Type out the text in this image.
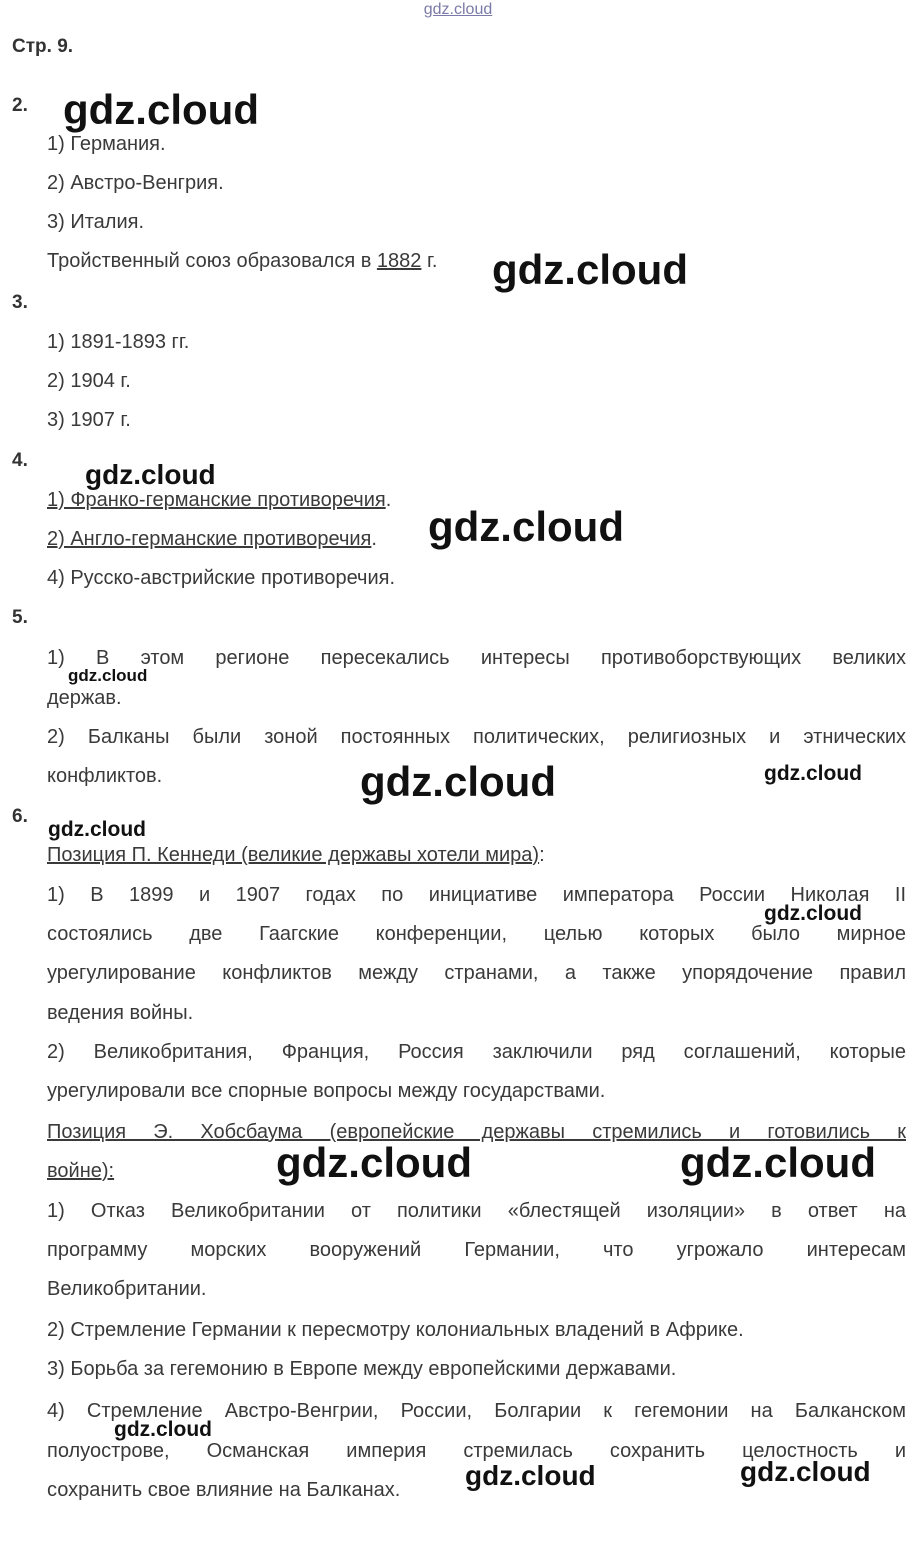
gdz.cloud
Стр. 9.
2.
1) Германия.
2) Австро-Венгрия.
3) Италия.
Тройственный союз образовался в 1882 г.
3.
1) 1891-1893 гг.
2) 1904 г.
3) 1907 г.
4.
1) Франко-германские противоречия.
2) Англо-германские противоречия.
4) Русско-австрийские противоречия.
5.
1) В этом регионе пересекались интересы противоборствующих великих
держав.
2) Балканы были зоной постоянных политических, религиозных и этнических
конфликтов.
6.
Позиция П. Кеннеди (великие державы хотели мира):
1) В 1899 и 1907 годах по инициативе императора России Николая II
состоялись две Гаагские конференции, целью которых было мирное
урегулирование конфликтов между странами, а также упорядочение правил
ведения войны.
2) Великобритания, Франция, Россия заключили ряд соглашений, которые
урегулировали все спорные вопросы между государствами.
Позиция Э. Хобсбаума (европейские державы стремились и готовились к
войне):
1) Отказ Великобритании от политики «блестящей изоляции» в ответ на
программу морских вооружений Германии, что угрожало интересам
Великобритании.
2) Стремление Германии к пересмотру колониальных владений в Африке.
3) Борьба за гегемонию в Европе между европейскими державами.
4) Стремление Австро-Венгрии, России, Болгарии к гегемонии на Балканском
полуострове, Османская империя стремилась сохранить целостность и
сохранить свое влияние на Балканах.
gdz.cloud
gdz.cloud
gdz.cloud
gdz.cloud
gdz.cloud
gdz.cloud	gdz.cloud
gdz.cloud
gdz.cloud
gdz.cloud	gdz.cloud
gdz.cloud
gdz.cloud
gdz.cloud
